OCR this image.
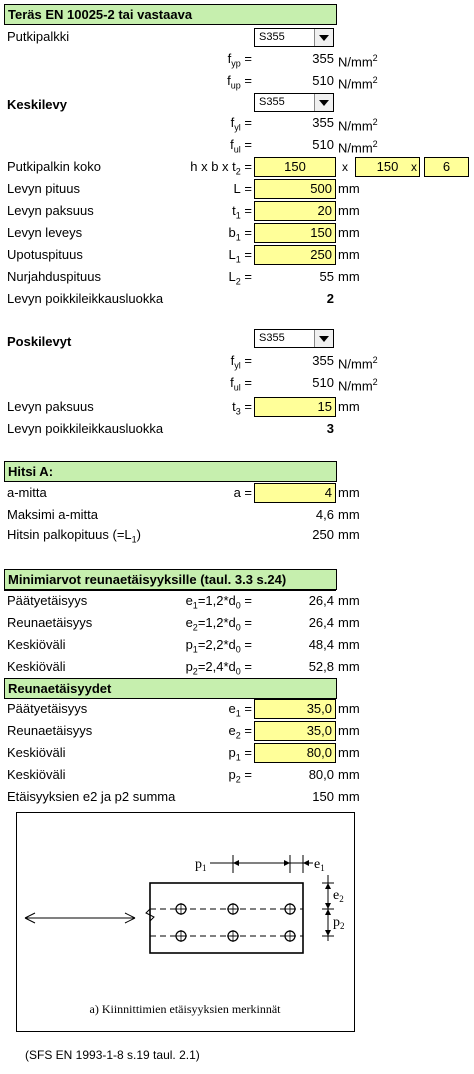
Teräs EN 10025-2 tai vastaava
Putkipalkki	S355
$f_{yp}$ =	355 $N/mm^2$
$f_{up}$ =	510 $N/mm^2$
Keskilevy	S355
$f_{yl}$ =	355 $N/mm^2$
$f_{ul}$ =	510 $N/mm^2$
Putkipalkin koko	h x b x $t_2$ =	150	x	150	x	6
Levyn pituus	L =	500 mm
Levyn paksuus	$t_1$ =	20 mm
Levyn leveys	$b_1$ =	150 mm
Upotuspituus	$L_1$ =	250 mm
Nurjahduspituus	$L_2$ =	55 mm
Levyn poikkileikkausluokka	2
Poskilevyt	S355
$f_{yl}$ =	355 $N/mm^2$
$f_{ul}$ =	510 $N/mm^2$
Levyn paksuus	$t_3$ =	15 mm
Levyn poikkileikkausluokka	3
Hitsi A:
a-mitta	a =	4 mm
Maksimi a-mitta	4,6 mm
Hitsin palkopituus $(=L_1)$	250 mm
Minimiarvot reunaetäisyyksille (taul. 3.3 s.24)
Päätyetäisyys	$e_1=1,2*d_0$ =	26,4 mm
Reunaetäisyys	$e_2=1,2*d_0$ =	26,4 mm
Keskiöväli	$p_1=2,2*d_0$ =	48,4 mm
Keskiöväli	$p_2=2,4*d_0$ =	52,8 mm
Reunaetäisyydet
Päätyetäisyys	$e_1$ =	35,0 mm
Reunaetäisyys	$e_2$ =	35,0 mm
Keskiöväli	$p_1$ =	80,0 mm
Keskiöväli	$p_2$ =	80,0 mm
Etäisyyksien e2 ja p2 summa	150 mm
$p_1$	$e_1$
$e_2$
$p_2$
a) Kiinnittimien etäisyyksien merkinnät
(SFS EN 1993-1-8 s.19 taul. 2.1)
